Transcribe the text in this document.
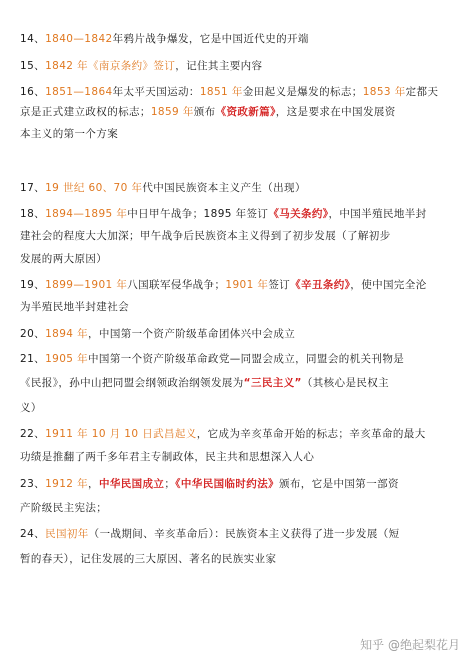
14、1840—1842年鸦片战争爆发，它是中国近代史的开端
15、1842 年《南京条约》签订，记住其主要内容
16、1851—1864年太平天国运动：1851 年金田起义是爆发的标志；1853 年定都天
京是正式建立政权的标志；1859 年颁布《资政新篇》，这是要求在中国发展资
本主义的第一个方案
17、19 世纪 60、70 年代中国民族资本主义产生（出现）
18、1894—1895 年中日甲午战争；1895 年签订《马关条约》，中国半殖民地半封
建社会的程度大大加深；甲午战争后民族资本主义得到了初步发展（了解初步
发展的两大原因）
19、1899—1901 年八国联军侵华战争；1901 年签订《辛丑条约》，使中国完全沦
为半殖民地半封建社会
20、1894 年，中国第一个资产阶级革命团体兴中会成立
21、1905 年中国第一个资产阶级革命政党—同盟会成立，同盟会的机关刊物是
《民报》，孙中山把同盟会纲领政治纲领发展为“三民主义”（其核心是民权主
义）
22、1911 年 10 月 10 日武昌起义，它成为辛亥革命开始的标志；辛亥革命的最大
功绩是推翻了两千多年君主专制政体，民主共和思想深入人心
23、1912 年，中华民国成立；《中华民国临时约法》颁布，它是中国第一部资
产阶级民主宪法；
24、民国初年（一战期间、辛亥革命后）：民族资本主义获得了进一步发展（短
暂的春天），记住发展的三大原因、著名的民族实业家
知乎 @绝起梨花月
